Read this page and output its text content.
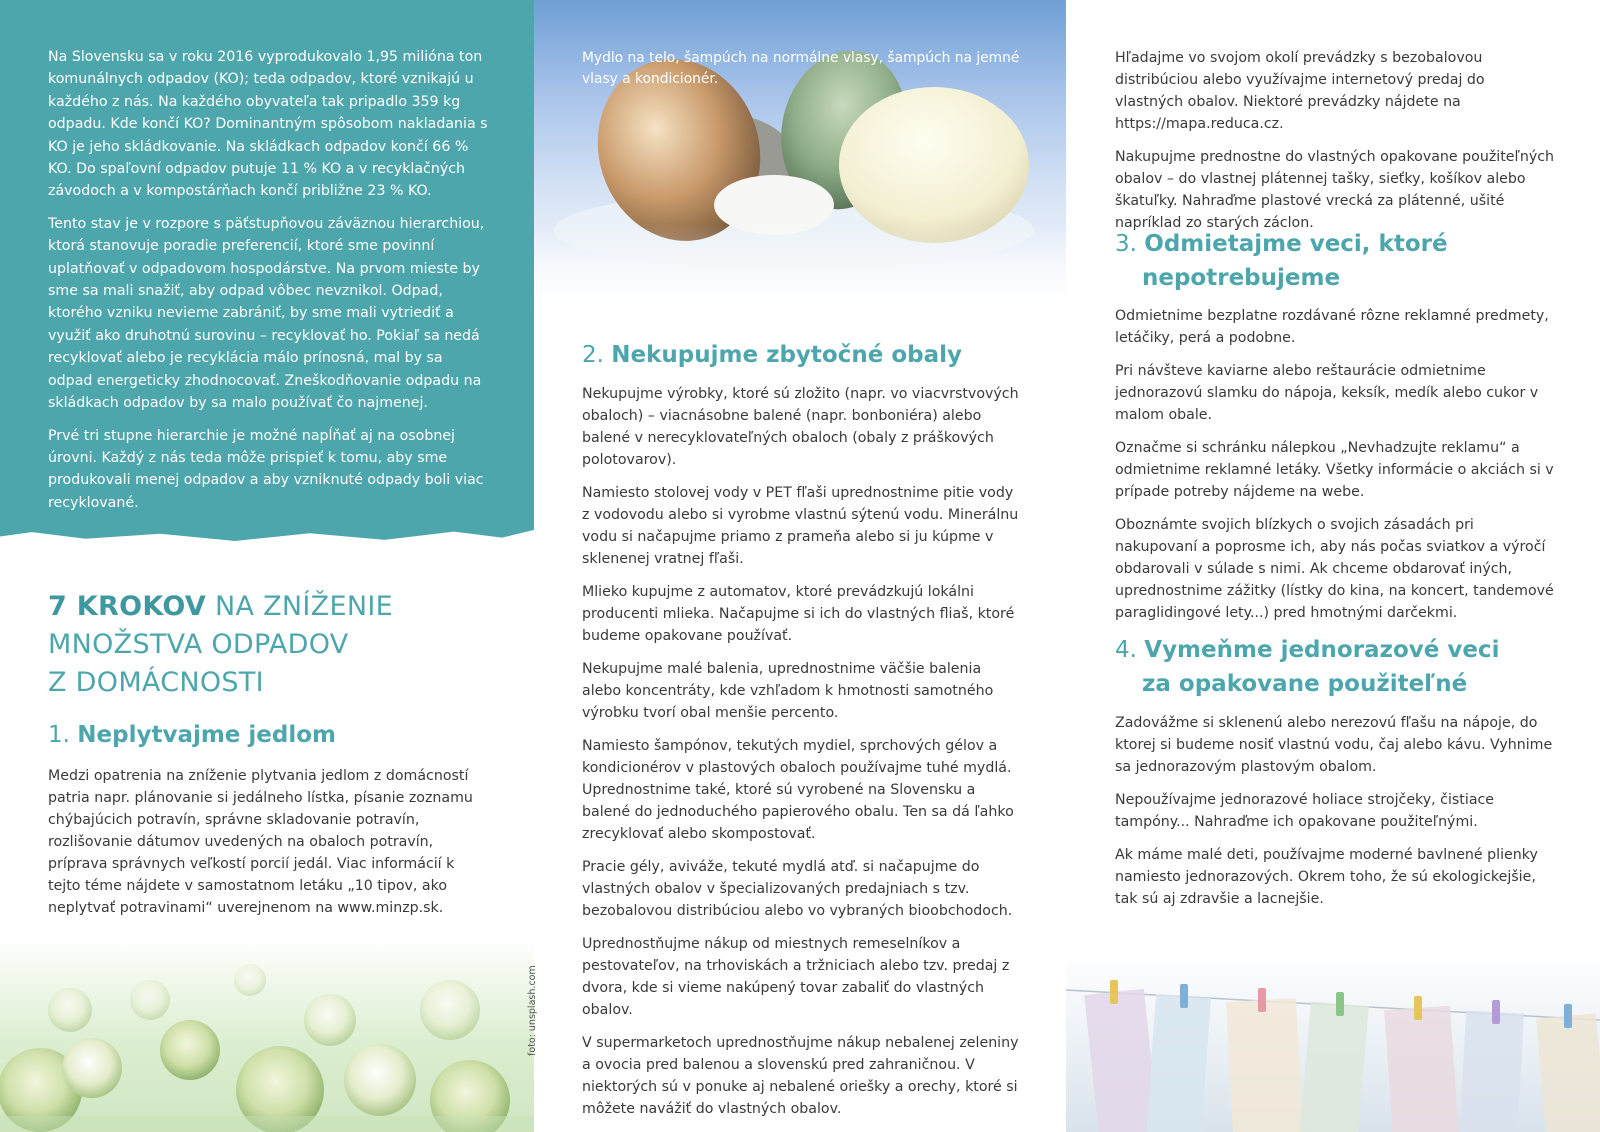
Na Slovensku sa v roku 2016 vyprodukovalo 1,95 milióna ton komunálnych odpadov (KO); teda odpadov, ktoré vznikajú u každého z nás. Na každého obyvateľa tak pripadlo 359 kg odpadu. Kde končí KO? Dominantným spôsobom nakladania s KO je jeho skládkovanie. Na skládkach odpadov končí 66 % KO. Do spaľovní odpadov putuje 11 % KO a v recyklačných závodoch a v kompostárňach končí približne 23 % KO.

Tento stav je v rozpore s päťstupňovou záväznou hierarchiou, ktorá stanovuje poradie preferencií, ktoré sme povinní uplatňovať v odpadovom hospodárstve. Na prvom mieste by sme sa mali snažiť, aby odpad vôbec nevznikol. Odpad, ktorého vzniku nevieme zabrániť, by sme mali vytriediť a využiť ako druhotnú surovinu – recyklovať ho. Pokiaľ sa nedá recyklovať alebo je recyklácia málo prínosná, mal by sa odpad energeticky zhodnocovať. Zneškodňovanie odpadu na skládkach odpadov by sa malo používať čo najmenej.

Prvé tri stupne hierarchie je možné napĺňať aj na osobnej úrovni. Každý z nás teda môže prispieť k tomu, aby sme produkovali menej odpadov a aby vzniknuté odpady boli viac recyklované.

7 KROKOV NA ZNÍŽENIE
MNOŽSTVA ODPADOV
Z DOMÁCNOSTI
1. Neplytvajme jedlom

Medzi opatrenia na zníženie plytvania jedlom z domácností patria napr. plánovanie si jedálneho lístka, písanie zoznamu chýbajúcich potravín, správne skladovanie potravín, rozlišovanie dátumov uvedených na obaloch potravín, príprava správnych veľkostí porcií jedál. Viac informácií k tejto téme nájdete v samostatnom letáku „10 tipov, ako neplytvať potravinami“ uverejnenom na www.minzp.sk.

foto: unsplash.com
Mydlo na telo, šampúch na normálne vlasy, šampúch na jemné vlasy a kondicionér.
2. Nekupujme zbytočné obaly

Nekupujme výrobky, ktoré sú zložito (napr. vo viacvrstvových obaloch) – viacnásobne balené (napr. bonboniéra) alebo balené v nerecyklovateľných obaloch (obaly z práškových polotovarov).

Namiesto stolovej vody v PET fľaši uprednostnime pitie vody z vodovodu alebo si vyrobme vlastnú sýtenú vodu. Minerálnu vodu si načapujme priamo z prameňa alebo si ju kúpme v sklenenej vratnej fľaši.

Mlieko kupujme z automatov, ktoré prevádzkujú lokálni producenti mlieka. Načapujme si ich do vlastných fliaš, ktoré budeme opakovane používať.

Nekupujme malé balenia, uprednostnime väčšie balenia alebo koncentráty, kde vzhľadom k hmotnosti samotného výrobku tvorí obal menšie percento.

Namiesto šampónov, tekutých mydiel, sprchových gélov a kondicionérov v plastových obaloch používajme tuhé mydlá. Uprednostnime také, ktoré sú vyrobené na Slovensku a balené do jednoduchého papierového obalu. Ten sa dá ľahko zrecyklovať alebo skompostovať.

Pracie gély, aviváže, tekuté mydlá atď. si načapujme do vlastných obalov v špecializovaných predajniach s tzv. bezobalovou distribúciou alebo vo vybraných bioobchodoch.

Uprednostňujme nákup od miestnych remeselníkov a pestovateľov, na trhoviskách a tržniciach alebo tzv. predaj z dvora, kde si vieme nakúpený tovar zabaliť do vlastných obalov.

V supermarketoch uprednostňujme nákup nebalenej zeleniny a ovocia pred balenou a slovenskú pred zahraničnou. V niektorých sú v ponuke aj nebalené oriešky a orechy, ktoré si môžete navážiť do vlastných obalov.

Hľadajme vo svojom okolí prevádzky s bezobalovou distribúciou alebo využívajme internetový predaj do vlastných obalov. Niektoré prevádzky nájdete na https://mapa.reduca.cz.

Nakupujme prednostne do vlastných opakovane použiteľných obalov – do vlastnej plátennej tašky, sieťky, košíkov alebo škatuľky. Nahraďme plastové vrecká za plátenné, ušité napríklad zo starých záclon.

3. Odmietajme veci, ktoré
nepotrebujeme

Odmietnime bezplatne rozdávané rôzne reklamné predmety, letáčiky, perá a podobne.

Pri návšteve kaviarne alebo reštaurácie odmietnime jednorazovú slamku do nápoja, keksík, medík alebo cukor v malom obale.

Označme si schránku nálepkou „Nevhadzujte reklamu“ a odmietnime reklamné letáky. Všetky informácie o akciách si v prípade potreby nájdeme na webe.

Oboznámte svojich blízkych o svojich zásadách pri nakupovaní a poprosme ich, aby nás počas sviatkov a výročí obdarovali v súlade s nimi. Ak chceme obdarovať iných, uprednostnime zážitky (lístky do kina, na koncert, tandemové paraglidingové lety...) pred hmotnými darčekmi.

4. Vymeňme jednorazové veci
za opakovane použiteľné

Zadovážme si sklenenú alebo nerezovú fľašu na nápoje, do ktorej si budeme nosiť vlastnú vodu, čaj alebo kávu. Vyhnime sa jednorazovým plastovým obalom.

Nepoužívajme jednorazové holiace strojčeky, čistiace tampóny... Nahraďme ich opakovane použiteľnými.

Ak máme malé deti, používajme moderné bavlnené plienky namiesto jednorazových. Okrem toho, že sú ekologickejšie, tak sú aj zdravšie a lacnejšie.
